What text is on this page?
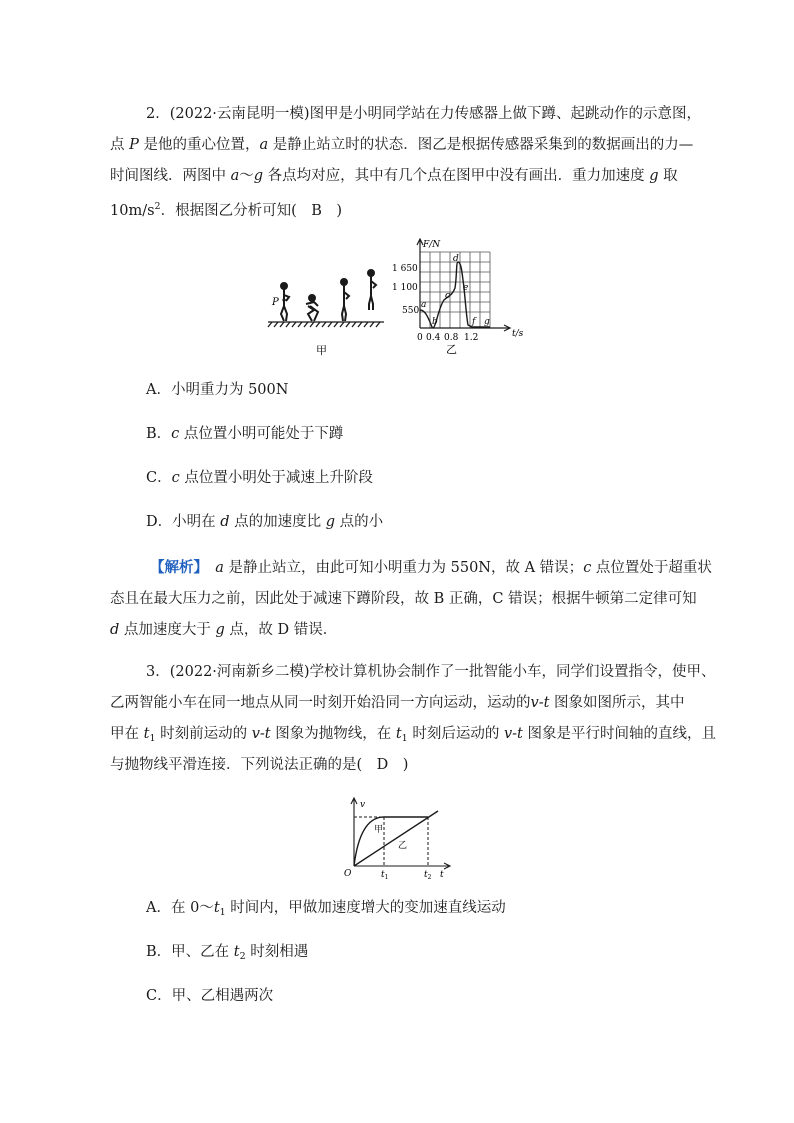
2．(2022·云南昆明一模)图甲是小明同学站在力传感器上做下蹲、起跳动作的示意图，
点 P 是他的重心位置，a 是静止站立时的状态．图乙是根据传感器采集到的数据画出的力—
时间图线．两图中 a～g 各点均对应，其中有几个点在图甲中没有画出．重力加速度 g 取
$10m/s^2$．根据图乙分析可知(　B　)
P
甲
F/N
t/s
1 650
1 100
550
0 0.4 0.8 1.2
a
b
c
d
e
f g
乙
A．小明重力为 500N
B．c 点位置小明可能处于下蹲
C．c 点位置小明处于减速上升阶段
D．小明在 d 点的加速度比 g 点的小
【解析】　 a 是静止站立，由此可知小明重力为 550N，故 A 错误；c 点位置处于超重状
态且在最大压力之前，因此处于减速下蹲阶段，故 B 正确，C 错误；根据牛顿第二定律可知
d 点加速度大于 g 点，故 D 错误．
3．(2022·河南新乡二模)学校计算机协会制作了一批智能小车，同学们设置指令，使甲、
乙两智能小车在同一地点从同一时刻开始沿同一方向运动，运动的v-t 图象如图所示，其中
甲在 $t_1$ 时刻前运动的 v-t 图象为抛物线，在 $t_1$ 时刻后运动的 v-t 图象是平行时间轴的直线，且
与抛物线平滑连接．下列说法正确的是(　D　)
v
O	t
$t_1$	$t_2$
甲
乙
A．在 $0\sim t_1$ 时间内，甲做加速度增大的变加速直线运动
B．甲、乙在 $t_2$ 时刻相遇
C．甲、乙相遇两次
